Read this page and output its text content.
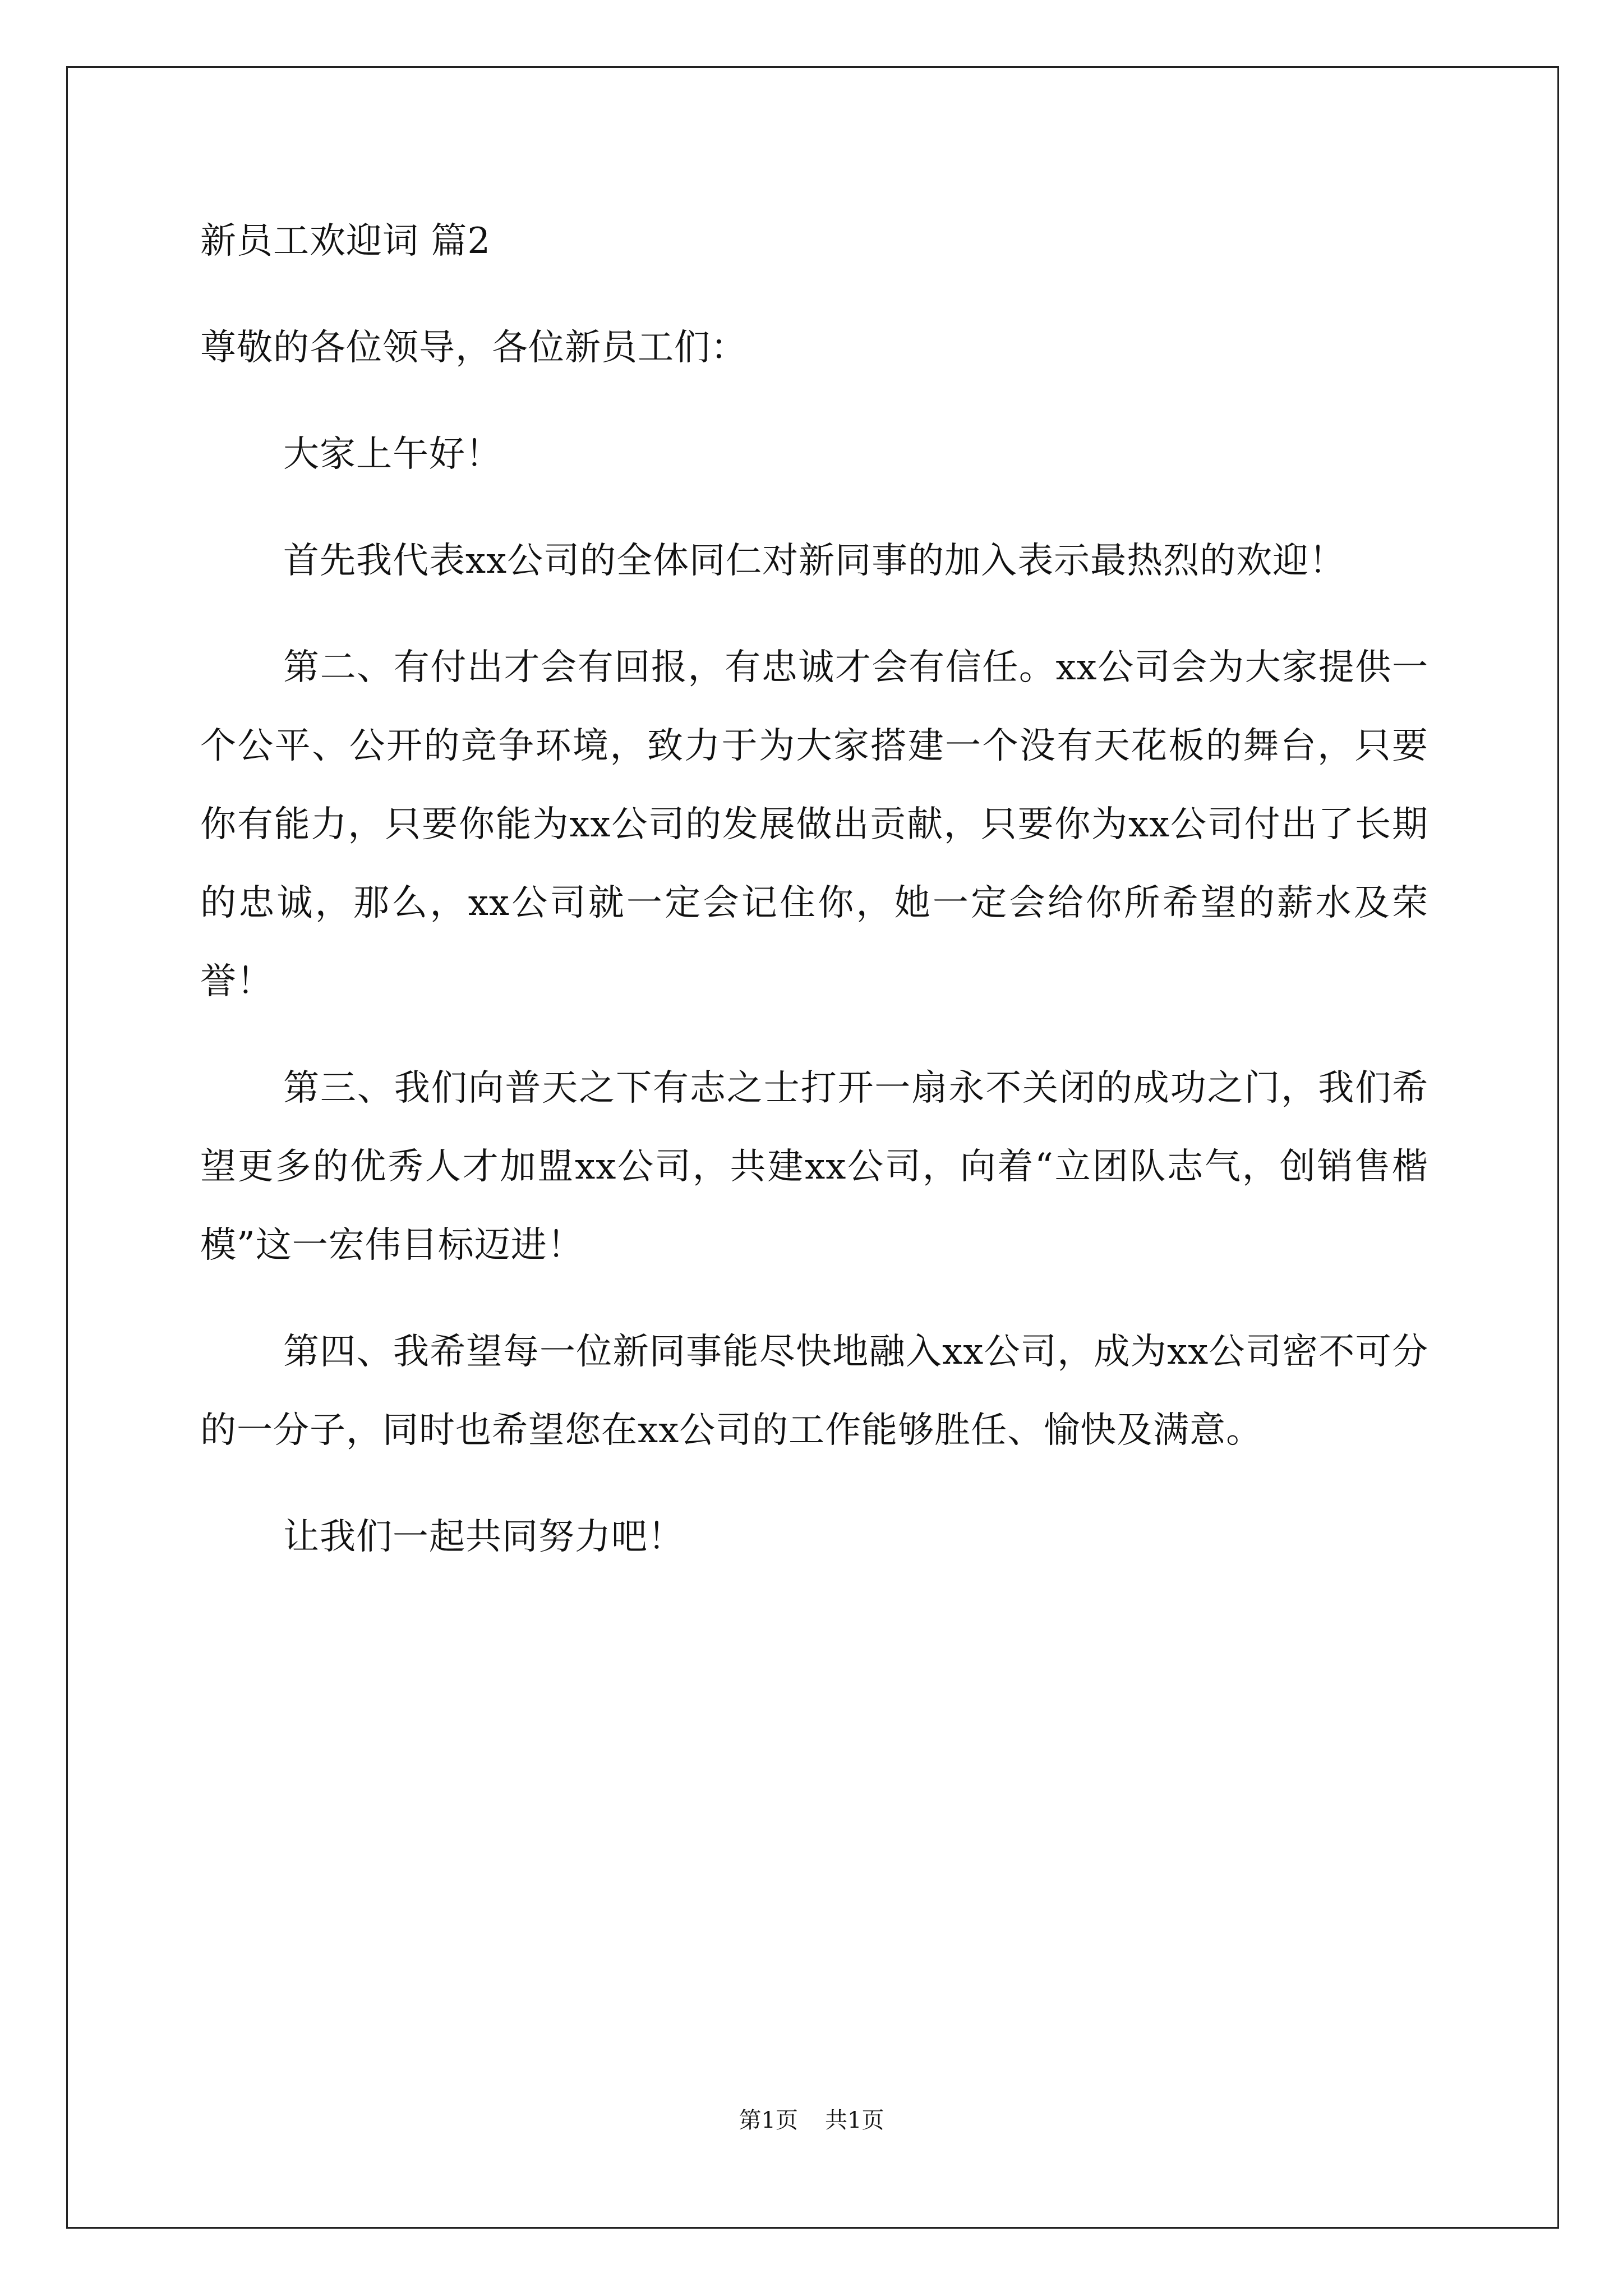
新员工欢迎词 篇2
尊敬的各位领导，各位新员工们：

大家上午好！

首先我代表xx公司的全体同仁对新同事的加入表示最热烈的欢迎！

第二、有付出才会有回报，有忠诚才会有信任。xx公司会为大家提供一个公平、公开的竞争环境，致力于为大家搭建一个没有天花板的舞台，只要你有能力，只要你能为xx公司的发展做出贡献，只要你为xx公司付出了长期的忠诚，那么，xx公司就一定会记住你，她一定会给你所希望的薪水及荣誉！

第三、我们向普天之下有志之士打开一扇永不关闭的成功之门，我们希望更多的优秀人才加盟xx公司，共建xx公司，向着“立团队志气，创销售楷模”这一宏伟目标迈进！

第四、我希望每一位新同事能尽快地融入xx公司，成为xx公司密不可分的一分子，同时也希望您在xx公司的工作能够胜任、愉快及满意。

让我们一起共同努力吧！

第1页 共1页
